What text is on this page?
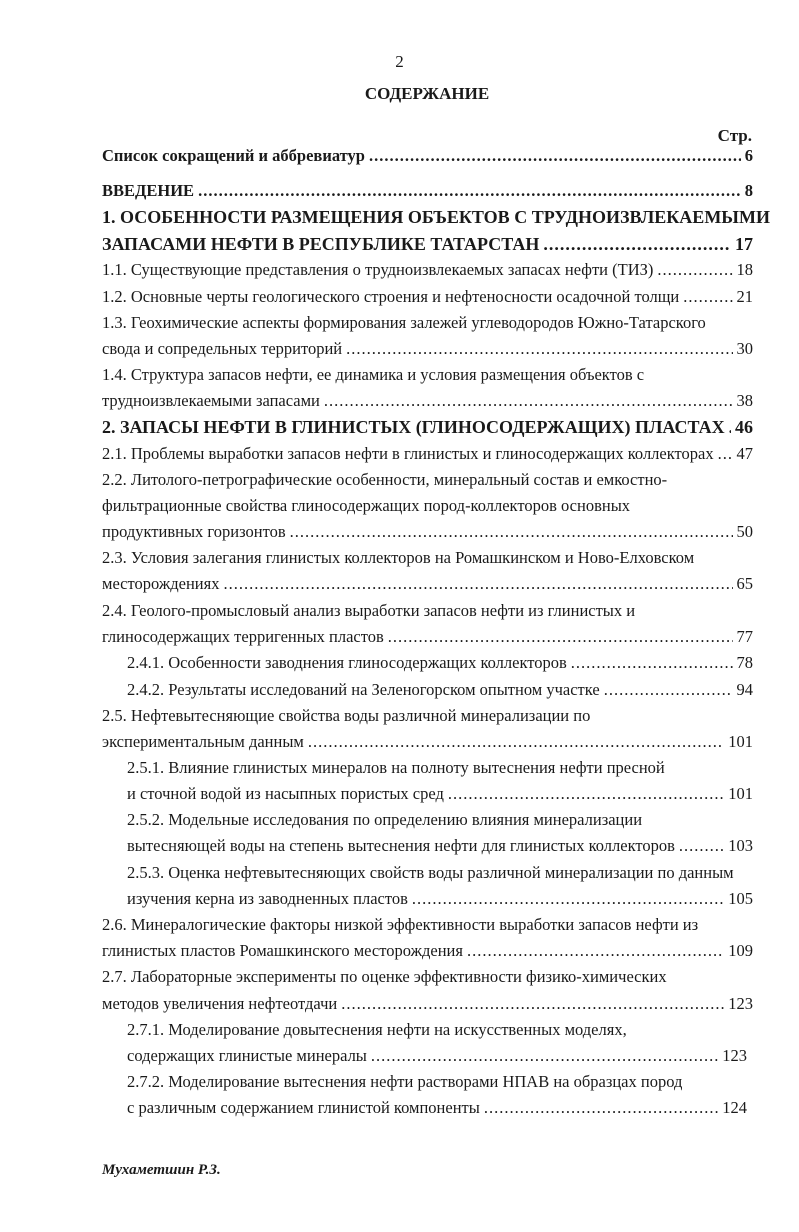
2
СОДЕРЖАНИЕ
Стр.
Список сокращений и аббревиатур .....	6
ВВЕДЕНИЕ .....	8
1. ОСОБЕННОСТИ РАЗМЕЩЕНИЯ ОБЪЕКТОВ С ТРУДНОИЗВЛЕКАЕМЫМИ
ЗАПАСАМИ НЕФТИ В РЕСПУБЛИКЕ ТАТАРСТАН .....	17
1.1. Существующие представления о трудноизвлекаемых запасах нефти (ТИЗ) .....	18
1.2. Основные черты геологического строения и нефтеносности осадочной толщи .....	21
1.3. Геохимические аспекты формирования залежей углеводородов Южно-Татарского
свода и сопредельных территорий .....	30
1.4. Структура запасов нефти, ее динамика и условия размещения объектов с
трудноизвлекаемыми запасами .....	38
2. ЗАПАСЫ НЕФТИ В ГЛИНИСТЫХ (ГЛИНОСОДЕРЖАЩИХ) ПЛАСТАХ ..... 46
2.1. Проблемы выработки запасов нефти в глинистых и глиносодержащих коллекторах ..... 47
2.2. Литолого-петрографические особенности, минеральный состав и емкостно-
фильтрационные свойства глиносодержащих пород-коллекторов основных
продуктивных горизонтов .....	50
2.3. Условия залегания глинистых коллекторов на Ромашкинском и Ново-Елховском
месторождениях .....	65
2.4. Геолого-промысловый анализ выработки запасов нефти из глинистых и
глиносодержащих терригенных пластов .....	77
2.4.1. Особенности заводнения глиносодержащих коллекторов .....	78
2.4.2. Результаты исследований на Зеленогорском опытном участке .....	94
2.5. Нефтевытесняющие свойства воды различной минерализации по
экспериментальным данным .....	101
2.5.1. Влияние глинистых минералов на полноту вытеснения нефти пресной
и сточной водой из насыпных пористых сред .....	101
2.5.2. Модельные исследования по определению влияния минерализации
вытесняющей воды на степень вытеснения нефти для глинистых коллекторов .....	103
2.5.3. Оценка нефтевытесняющих свойств воды различной минерализации по данным
изучения керна из заводненных пластов .....	105
2.6. Минералогические факторы низкой эффективности выработки запасов нефти из
глинистых пластов Ромашкинского месторождения .....	109
2.7. Лабораторные эксперименты по оценке эффективности физико-химических
методов увеличения нефтеотдачи .....	123
2.7.1. Моделирование довытеснения нефти на искусственных моделях,
содержащих глинистые минералы .....	123
2.7.2. Моделирование вытеснения нефти растворами НПАВ на образцах пород
с различным содержанием глинистой компоненты .....	124
Мухаметшин Р.З.
